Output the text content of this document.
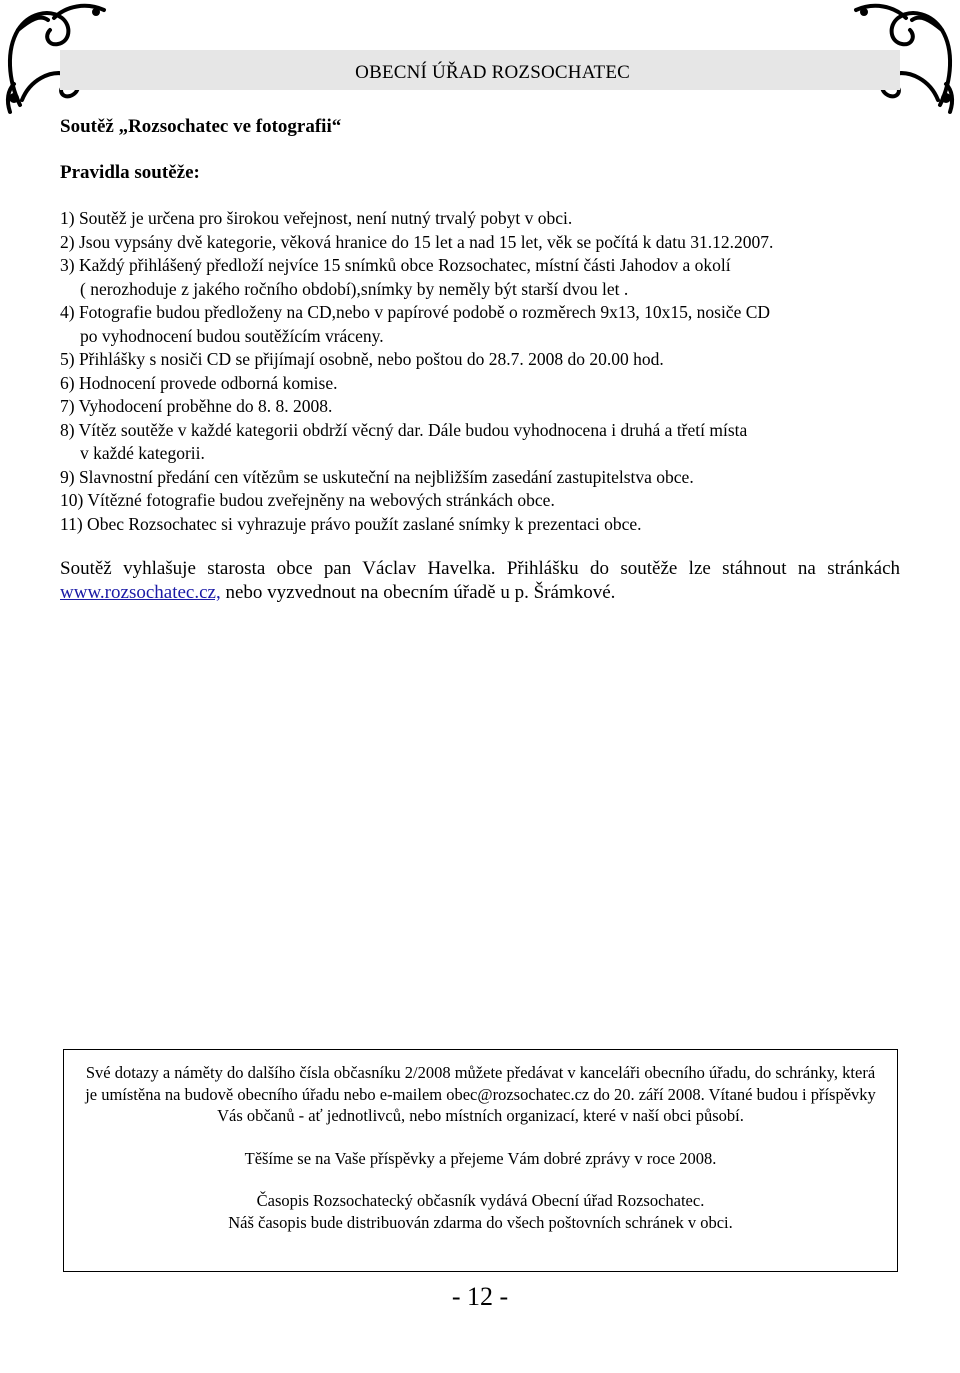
OBECNÍ ÚŘAD ROZSOCHATEC
Soutěž „Rozsochatec ve fotografii“
Pravidla soutěže:
1) Soutěž je určena pro širokou veřejnost, není nutný trvalý pobyt v obci.
2) Jsou vypsány dvě kategorie, věková hranice do 15 let a nad 15 let, věk se počítá k datu 31.12.2007.
3) Každý přihlášený předloží nejvíce 15 snímků obce Rozsochatec, místní části Jahodov a okolí
( nerozhoduje z jakého ročního období),snímky by neměly být starší dvou let .
4) Fotografie budou předloženy na CD,nebo v papírové podobě o rozměrech 9x13, 10x15, nosiče CD
po vyhodnocení budou soutěžícím vráceny.
5) Přihlášky s nosiči CD se přijímají osobně, nebo poštou do 28.7. 2008 do 20.00 hod.
6) Hodnocení provede odborná komise.
7) Vyhodocení proběhne do 8. 8. 2008.
8) Vítěz soutěže v každé kategorii obdrží věcný dar. Dále budou vyhodnocena i druhá a třetí místa
v každé kategorii.
9) Slavnostní předání cen vítězům se uskuteční na nejbližším zasedání zastupitelstva obce.
10) Vítězné fotografie budou zveřejněny na webových stránkách obce.
11) Obec Rozsochatec si vyhrazuje právo použít zaslané snímky k prezentaci obce.
Soutěž vyhlašuje starosta obce pan Václav Havelka. Přihlášku do soutěže lze stáhnout na stránkách www.rozsochatec.cz, nebo vyzvednout na obecním úřadě u p. Šrámkové.

Své dotazy a náměty do dalšího čísla občasníku 2/2008 můžete předávat v kanceláři obecního úřadu, do schránky, která je umístěna na budově obecního úřadu nebo e-mailem obec@rozsochatec.cz do 20. září 2008. Vítané budou i příspěvky Vás občanů - ať jednotlivců, nebo místních organizací, které v naší obci působí.

Těšíme se na Vaše příspěvky a přejeme Vám dobré zprávy v roce 2008.

Časopis Rozsochatecký občasník vydává Obecní úřad Rozsochatec.

Náš časopis bude distribuován zdarma do všech poštovních schránek v obci.

- 12 -
